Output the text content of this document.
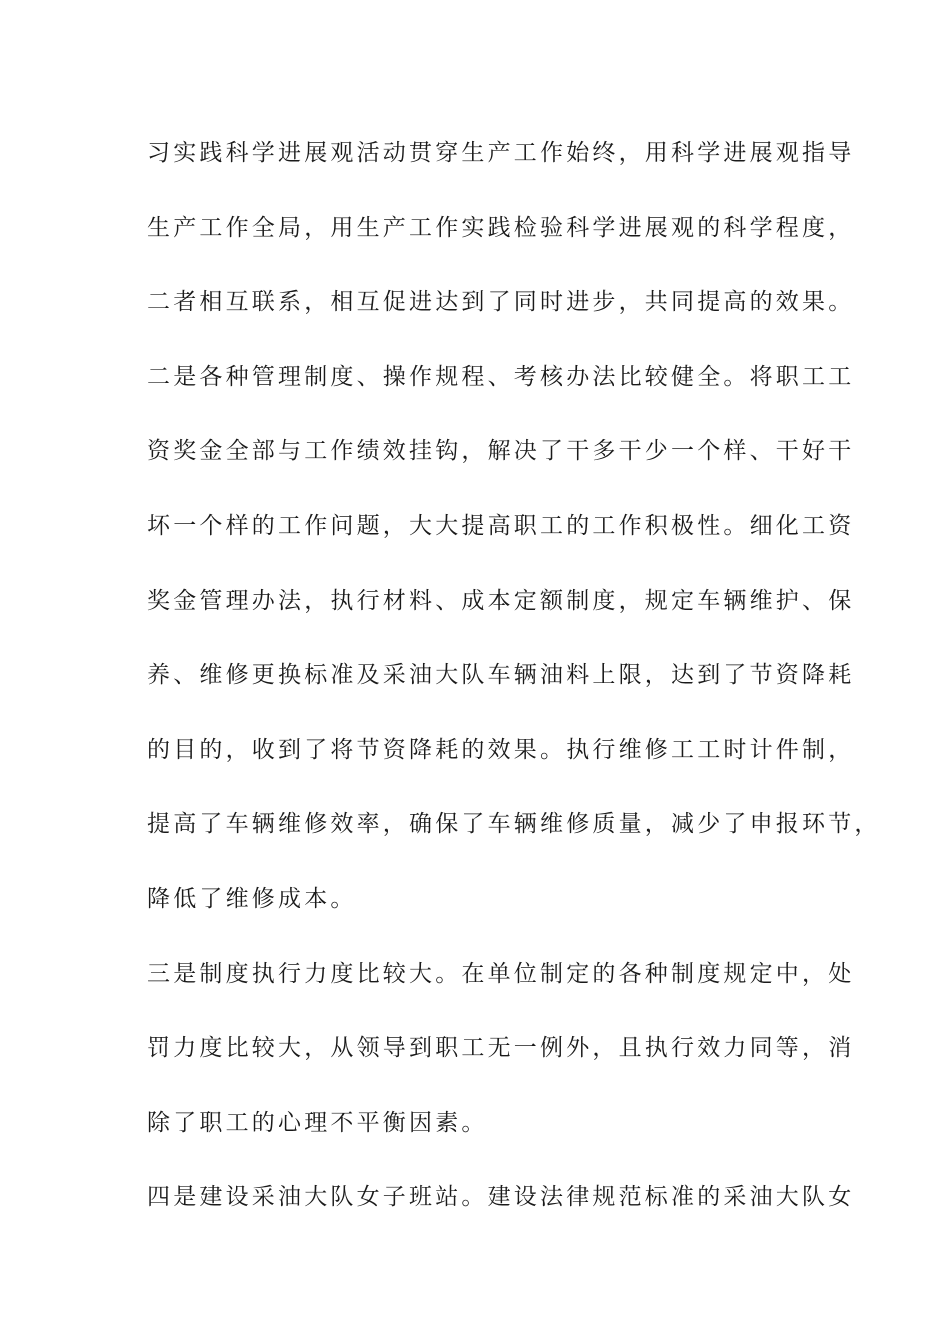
习实践科学进展观活动贯穿生产工作始终，用科学进展观指导
生产工作全局，用生产工作实践检验科学进展观的科学程度，
二者相互联系，相互促进达到了同时进步，共同提高的效果。
二是各种管理制度、操作规程、考核办法比较健全。将职工工
资奖金全部与工作绩效挂钩，解决了干多干少一个样、干好干
坏一个样的工作问题，大大提高职工的工作积极性。细化工资
奖金管理办法，执行材料、成本定额制度，规定车辆维护、保
养、维修更换标准及采油大队车辆油料上限，达到了节资降耗
的目的，收到了将节资降耗的效果。执行维修工工时计件制，
提高了车辆维修效率，确保了车辆维修质量，减少了申报环节，
降低了维修成本。
三是制度执行力度比较大。在单位制定的各种制度规定中，处
罚力度比较大，从领导到职工无一例外，且执行效力同等，消
除了职工的心理不平衡因素。
四是建设采油大队女子班站。建设法律规范标准的采油大队女
